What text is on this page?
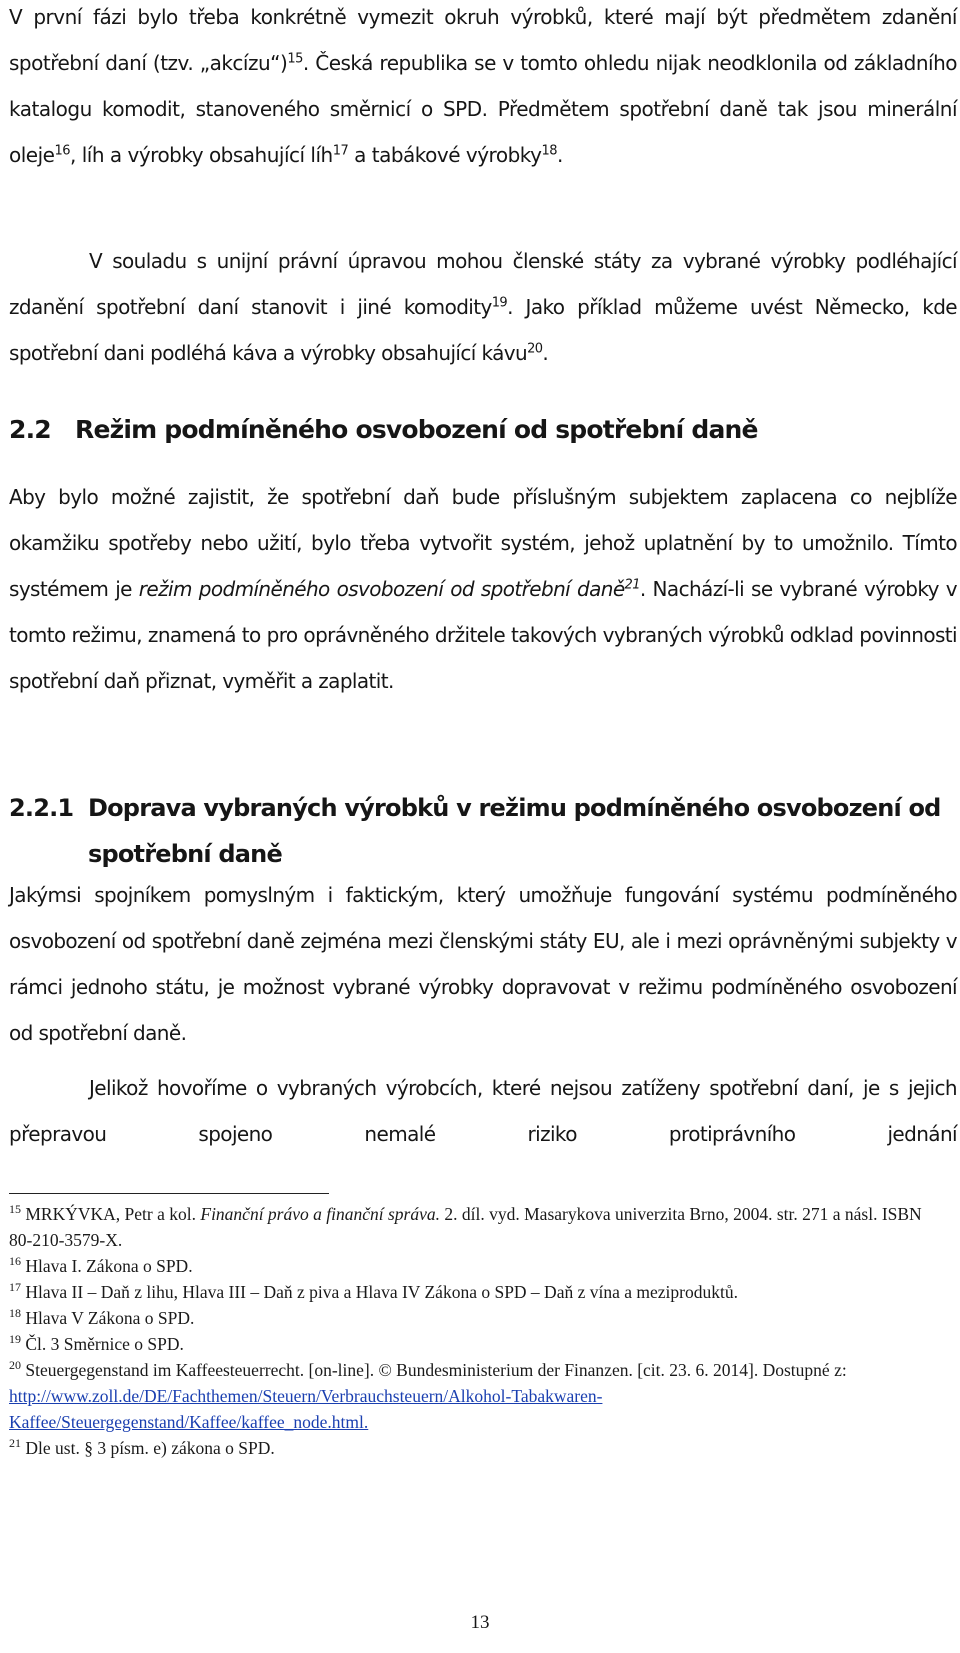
V první fázi bylo třeba konkrétně vymezit okruh výrobků, které mají být předmětem zdanění spotřební daní (tzv. „akcízu“)$^{15}$. Česká republika se v tomto ohledu nijak neodklonila od základního katalogu komodit, stanoveného směrnicí o SPD. Předmětem spotřební daně tak jsou minerální oleje$^{16}$, líh a výrobky obsahující líh$^{17}$ a tabákové výrobky$^{18}$.

V souladu s unijní právní úpravou mohou členské státy za vybrané výrobky podléhající zdanění spotřební daní stanovit i jiné komodity$^{19}$. Jako příklad můžeme uvést Německo, kde spotřební dani podléhá káva a výrobky obsahující kávu$^{20}$.

2.2 Režim podmíněného osvobození od spotřební daně

Aby bylo možné zajistit, že spotřební daň bude příslušným subjektem zaplacena co nejblíže okamžiku spotřeby nebo užití, bylo třeba vytvořit systém, jehož uplatnění by to umožnilo. Tímto systémem je režim podmíněného osvobození od spotřební daně$^{21}$. Nachází-li se vybrané výrobky v tomto režimu, znamená to pro oprávněného držitele takových vybraných výrobků odklad povinnosti spotřební daň přiznat, vyměřit a zaplatit.

2.2.1 Doprava vybraných výrobků v režimu podmíněného osvobození od spotřební daně

Jakýmsi spojníkem pomyslným i faktickým, který umožňuje fungování systému podmíněného osvobození od spotřební daně zejména mezi členskými státy EU, ale i mezi oprávněnými subjekty v rámci jednoho státu, je možnost vybrané výrobky dopravovat v režimu podmíněného osvobození od spotřební daně.

Jelikož hovoříme o vybraných výrobcích, které nejsou zatíženy spotřební daní, je s jejich přepravou spojeno nemalé riziko protiprávního jednání

$^{15}$ MRKÝVKA, Petr a kol. Finanční právo a finanční správa. 2. díl. vyd. Masarykova univerzita Brno, 2004. str. 271 a násl. ISBN 80-210-3579-X.

$^{16}$ Hlava I. Zákona o SPD.

$^{17}$ Hlava II – Daň z lihu, Hlava III – Daň z piva a Hlava IV Zákona o SPD – Daň z vína a meziproduktů.

$^{18}$ Hlava V Zákona o SPD.

$^{19}$ Čl. 3 Směrnice o SPD.

$^{20}$ Steuergegenstand im Kaffeesteuerrecht. [on-line]. © Bundesministerium der Finanzen. [cit. 23. 6. 2014]. Dostupné z: http://www.zoll.de/DE/Fachthemen/Steuern/Verbrauchsteuern/Alkohol-Tabakwaren-Kaffee/Steuergegenstand/Kaffee/kaffee_node.html.

$^{21}$ Dle ust. § 3 písm. e) zákona o SPD.

13
